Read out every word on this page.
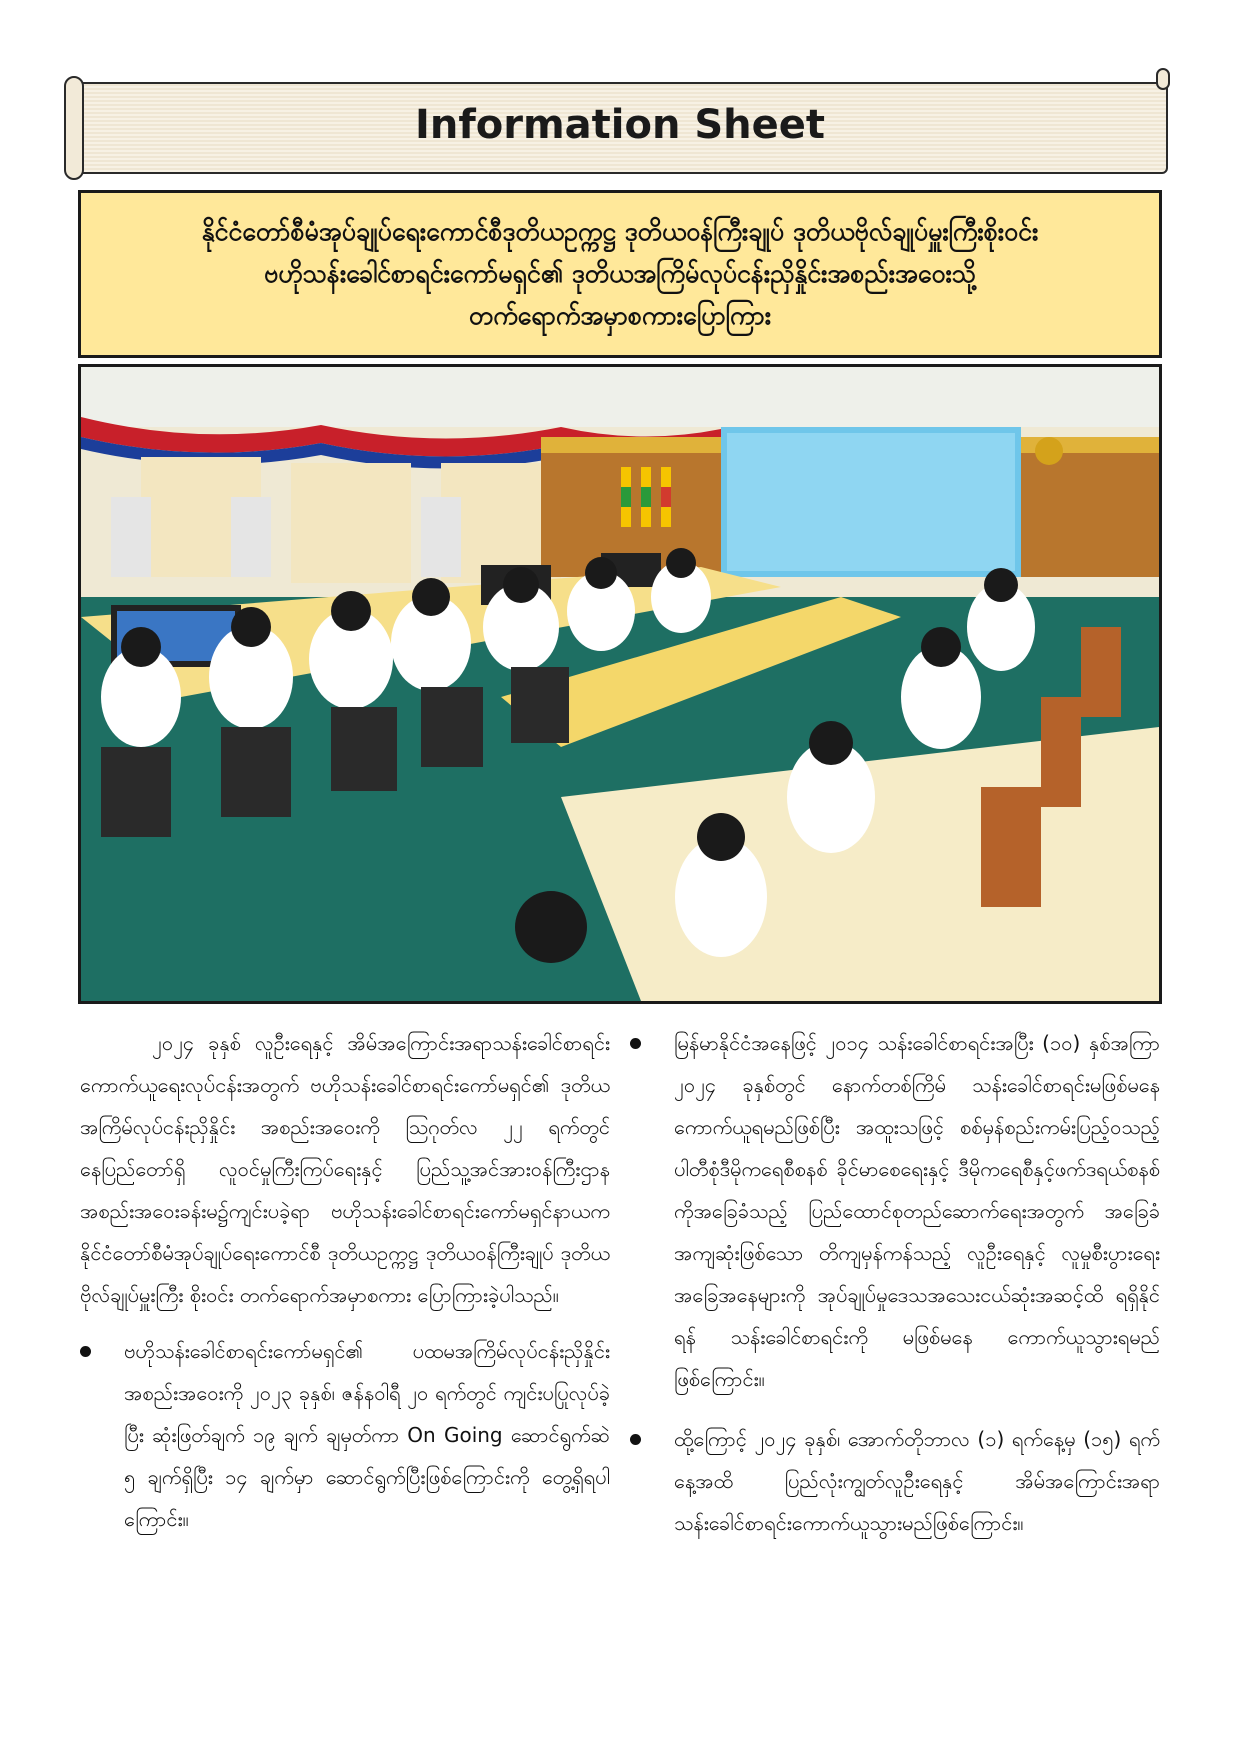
Information Sheet
နိုင်ငံတော်စီမံအုပ်ချုပ်ရေးကောင်စီဒုတိယဥက္ကဋ္ဌ ဒုတိယဝန်ကြီးချုပ် ဒုတိယဗိုလ်ချုပ်မှူးကြီးစိုးဝင်း
ဗဟိုသန်းခေါင်စာရင်းကော်မရှင်၏ ဒုတိယအကြိမ်လုပ်ငန်းညှိနှိုင်းအစည်းအဝေးသို့
တက်ရောက်အမှာစကားပြောကြား

၂၀၂၄ ခုနှစ် လူဦးရေနှင့် အိမ်အကြောင်းအရာသန်းခေါင်စာရင်းကောက်ယူရေးလုပ်ငန်းအတွက် ဗဟိုသန်းခေါင်စာရင်းကော်မရှင်၏ ဒုတိယအကြိမ်လုပ်ငန်းညှိနှိုင်း အစည်းအဝေးကို ဩဂုတ်လ ၂၂ ရက်တွင် နေပြည်တော်ရှိ လူဝင်မှုကြီးကြပ်ရေးနှင့် ပြည်သူ့အင်အားဝန်ကြီးဌာန အစည်းအဝေးခန်းမ၌ကျင်းပခဲ့ရာ ဗဟိုသန်းခေါင်စာရင်းကော်မရှင်နာယက နိုင်ငံတော်စီမံအုပ်ချုပ်ရေးကောင်စီ ဒုတိယဥက္ကဋ္ဌ ဒုတိယဝန်ကြီးချုပ် ဒုတိယဗိုလ်ချုပ်မှူးကြီး စိုးဝင်း တက်ရောက်အမှာစကား ပြောကြားခဲ့ပါသည်။

ဗဟိုသန်းခေါင်စာရင်းကော်မရှင်၏ ပထမအကြိမ်လုပ်ငန်းညှိနှိုင်းအစည်းအဝေးကို ၂၀၂၃ ခုနှစ်၊ ဇန်နဝါရီ ၂၀ ရက်တွင် ကျင်းပပြုလုပ်ခဲ့ပြီး ဆုံးဖြတ်ချက် ၁၉ ချက် ချမှတ်ကာ On Going ဆောင်ရွက်ဆဲ ၅ ချက်ရှိပြီး ၁၄ ချက်မှာ ဆောင်ရွက်ပြီးဖြစ်ကြောင်းကို တွေ့ရှိရပါကြောင်း။
မြန်မာနိုင်ငံအနေဖြင့် ၂၀၁၄ သန်းခေါင်စာရင်းအပြီး (၁၀) နှစ်အကြာ ၂၀၂၄ ခုနှစ်တွင် နောက်တစ်ကြိမ် သန်းခေါင်စာရင်းမဖြစ်မနေကောက်ယူရမည်ဖြစ်ပြီး အထူးသဖြင့် စစ်မှန်စည်းကမ်းပြည့်ဝသည့် ပါတီစုံဒီမိုကရေစီစနစ် ခိုင်မာစေရေးနှင့် ဒီမိုကရေစီနှင့်ဖက်ဒရယ်စနစ်ကိုအခြေခံသည့် ပြည်ထောင်စုတည်ဆောက်ရေးအတွက် အခြေခံအကျဆုံးဖြစ်သော တိကျမှန်ကန်သည့် လူဦးရေနှင့် လူမှုစီးပွားရေး အခြေအနေများကို အုပ်ချုပ်မှုဒေသအသေးငယ်ဆုံးအဆင့်ထိ ရရှိနိုင်ရန် သန်းခေါင်စာရင်းကို မဖြစ်မနေ ကောက်ယူသွားရမည်ဖြစ်ကြောင်း။
ထို့ကြောင့် ၂၀၂၄ ခုနှစ်၊ အောက်တိုဘာလ (၁) ရက်နေ့မှ (၁၅) ရက်နေ့အထိ ပြည်လုံးကျွတ်လူဦးရေနှင့် အိမ်အကြောင်းအရာ သန်းခေါင်စာရင်းကောက်ယူသွားမည်ဖြစ်ကြောင်း။
